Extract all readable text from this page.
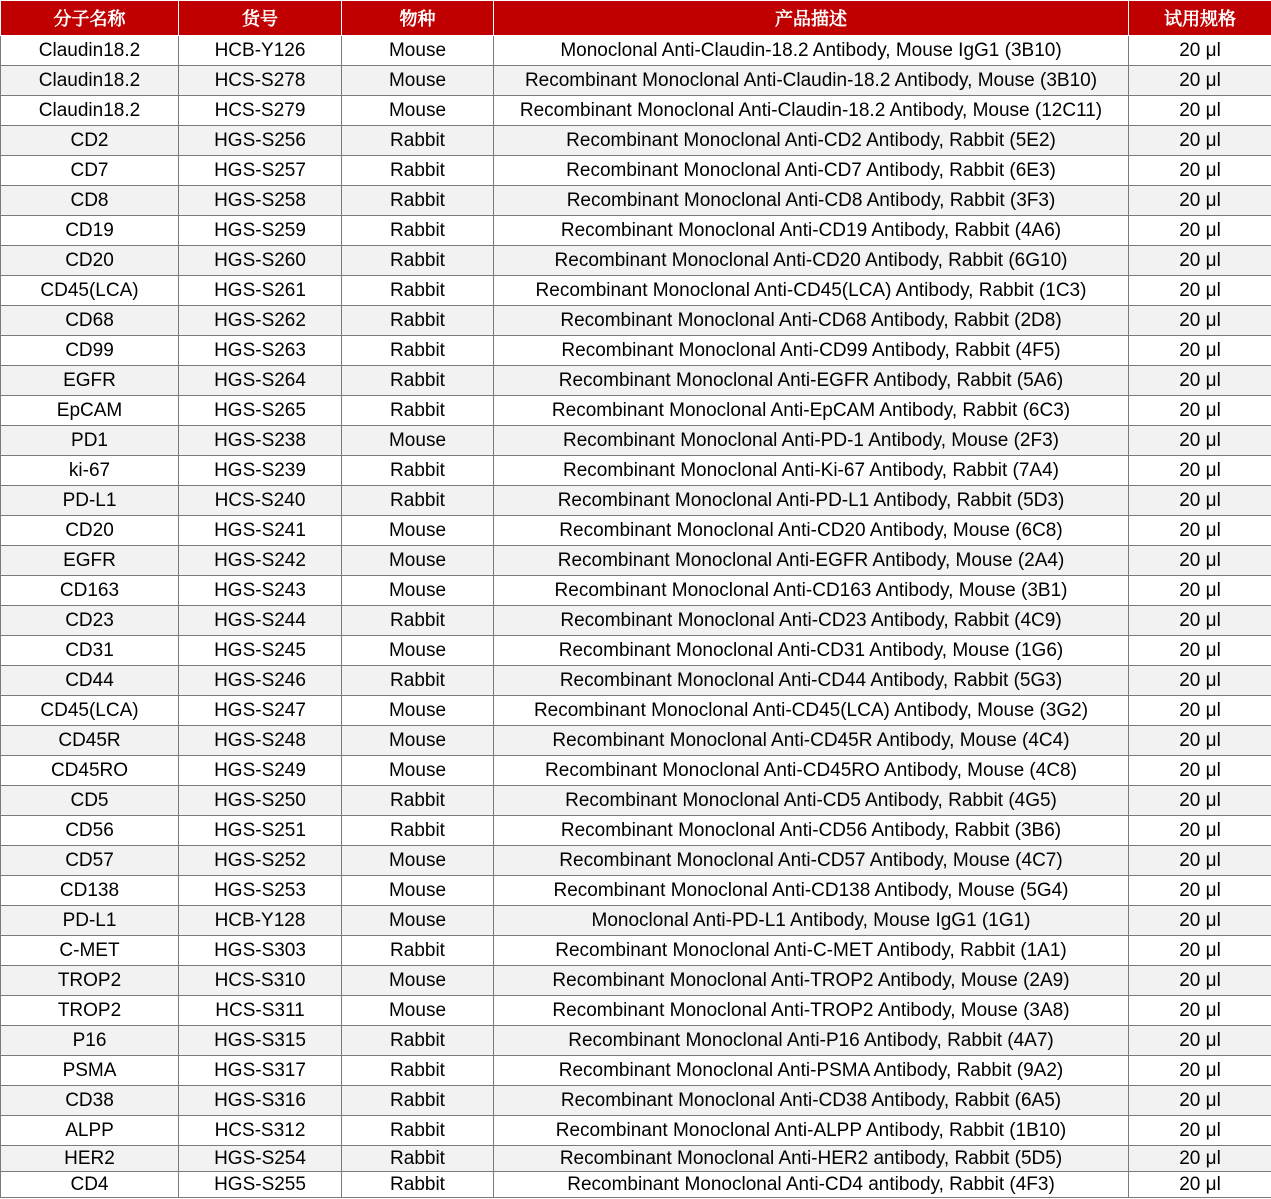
分子名称	货号	物种	产品描述	试用规格
Claudin18.2	HCB-Y126	Mouse	Monoclonal Anti-Claudin-18.2 Antibody, Mouse IgG1 (3B10)	20 μl
Claudin18.2	HCS-S278	Mouse	Recombinant Monoclonal Anti-Claudin-18.2 Antibody, Mouse (3B10)	20 μl
Claudin18.2	HCS-S279	Mouse	Recombinant Monoclonal Anti-Claudin-18.2 Antibody, Mouse (12C11)	20 μl
CD2	HGS-S256	Rabbit	Recombinant Monoclonal Anti-CD2 Antibody, Rabbit (5E2)	20 μl
CD7	HGS-S257	Rabbit	Recombinant Monoclonal Anti-CD7 Antibody, Rabbit (6E3)	20 μl
CD8	HGS-S258	Rabbit	Recombinant Monoclonal Anti-CD8 Antibody, Rabbit (3F3)	20 μl
CD19	HGS-S259	Rabbit	Recombinant Monoclonal Anti-CD19 Antibody, Rabbit (4A6)	20 μl
CD20	HGS-S260	Rabbit	Recombinant Monoclonal Anti-CD20 Antibody, Rabbit (6G10)	20 μl
CD45(LCA)	HGS-S261	Rabbit	Recombinant Monoclonal Anti-CD45(LCA) Antibody, Rabbit (1C3)	20 μl
CD68	HGS-S262	Rabbit	Recombinant Monoclonal Anti-CD68 Antibody, Rabbit (2D8)	20 μl
CD99	HGS-S263	Rabbit	Recombinant Monoclonal Anti-CD99 Antibody, Rabbit (4F5)	20 μl
EGFR	HGS-S264	Rabbit	Recombinant Monoclonal Anti-EGFR Antibody, Rabbit (5A6)	20 μl
EpCAM	HGS-S265	Rabbit	Recombinant Monoclonal Anti-EpCAM Antibody, Rabbit (6C3)	20 μl
PD1	HGS-S238	Mouse	Recombinant Monoclonal Anti-PD-1 Antibody, Mouse (2F3)	20 μl
ki-67	HGS-S239	Rabbit	Recombinant Monoclonal Anti-Ki-67 Antibody, Rabbit (7A4)	20 μl
PD-L1	HCS-S240	Rabbit	Recombinant Monoclonal Anti-PD-L1 Antibody, Rabbit (5D3)	20 μl
CD20	HGS-S241	Mouse	Recombinant Monoclonal Anti-CD20 Antibody, Mouse (6C8)	20 μl
EGFR	HGS-S242	Mouse	Recombinant Monoclonal Anti-EGFR Antibody, Mouse (2A4)	20 μl
CD163	HGS-S243	Mouse	Recombinant Monoclonal Anti-CD163 Antibody, Mouse (3B1)	20 μl
CD23	HGS-S244	Rabbit	Recombinant Monoclonal Anti-CD23 Antibody, Rabbit (4C9)	20 μl
CD31	HGS-S245	Mouse	Recombinant Monoclonal Anti-CD31 Antibody, Mouse (1G6)	20 μl
CD44	HGS-S246	Rabbit	Recombinant Monoclonal Anti-CD44 Antibody, Rabbit (5G3)	20 μl
CD45(LCA)	HGS-S247	Mouse	Recombinant Monoclonal Anti-CD45(LCA) Antibody, Mouse (3G2)	20 μl
CD45R	HGS-S248	Mouse	Recombinant Monoclonal Anti-CD45R Antibody, Mouse (4C4)	20 μl
CD45RO	HGS-S249	Mouse	Recombinant Monoclonal Anti-CD45RO Antibody, Mouse (4C8)	20 μl
CD5	HGS-S250	Rabbit	Recombinant Monoclonal Anti-CD5 Antibody, Rabbit (4G5)	20 μl
CD56	HGS-S251	Rabbit	Recombinant Monoclonal Anti-CD56 Antibody, Rabbit (3B6)	20 μl
CD57	HGS-S252	Mouse	Recombinant Monoclonal Anti-CD57 Antibody, Mouse (4C7)	20 μl
CD138	HGS-S253	Mouse	Recombinant Monoclonal Anti-CD138 Antibody, Mouse (5G4)	20 μl
PD-L1	HCB-Y128	Mouse	Monoclonal Anti-PD-L1 Antibody, Mouse IgG1 (1G1)	20 μl
C-MET	HGS-S303	Rabbit	Recombinant Monoclonal Anti-C-MET Antibody, Rabbit (1A1)	20 μl
TROP2	HCS-S310	Mouse	Recombinant Monoclonal Anti-TROP2 Antibody, Mouse (2A9)	20 μl
TROP2	HCS-S311	Mouse	Recombinant Monoclonal Anti-TROP2 Antibody, Mouse (3A8)	20 μl
P16	HGS-S315	Rabbit	Recombinant Monoclonal Anti-P16 Antibody, Rabbit (4A7)	20 μl
PSMA	HGS-S317	Rabbit	Recombinant Monoclonal Anti-PSMA Antibody, Rabbit (9A2)	20 μl
CD38	HGS-S316	Rabbit	Recombinant Monoclonal Anti-CD38 Antibody, Rabbit (6A5)	20 μl
ALPP	HCS-S312	Rabbit	Recombinant Monoclonal Anti-ALPP Antibody, Rabbit (1B10)	20 μl
HER2	HGS-S254	Rabbit	Recombinant Monoclonal Anti-HER2 antibody, Rabbit (5D5)	20 μl
CD4	HGS-S255	Rabbit	Recombinant Monoclonal Anti-CD4 antibody, Rabbit (4F3)	20 μl
